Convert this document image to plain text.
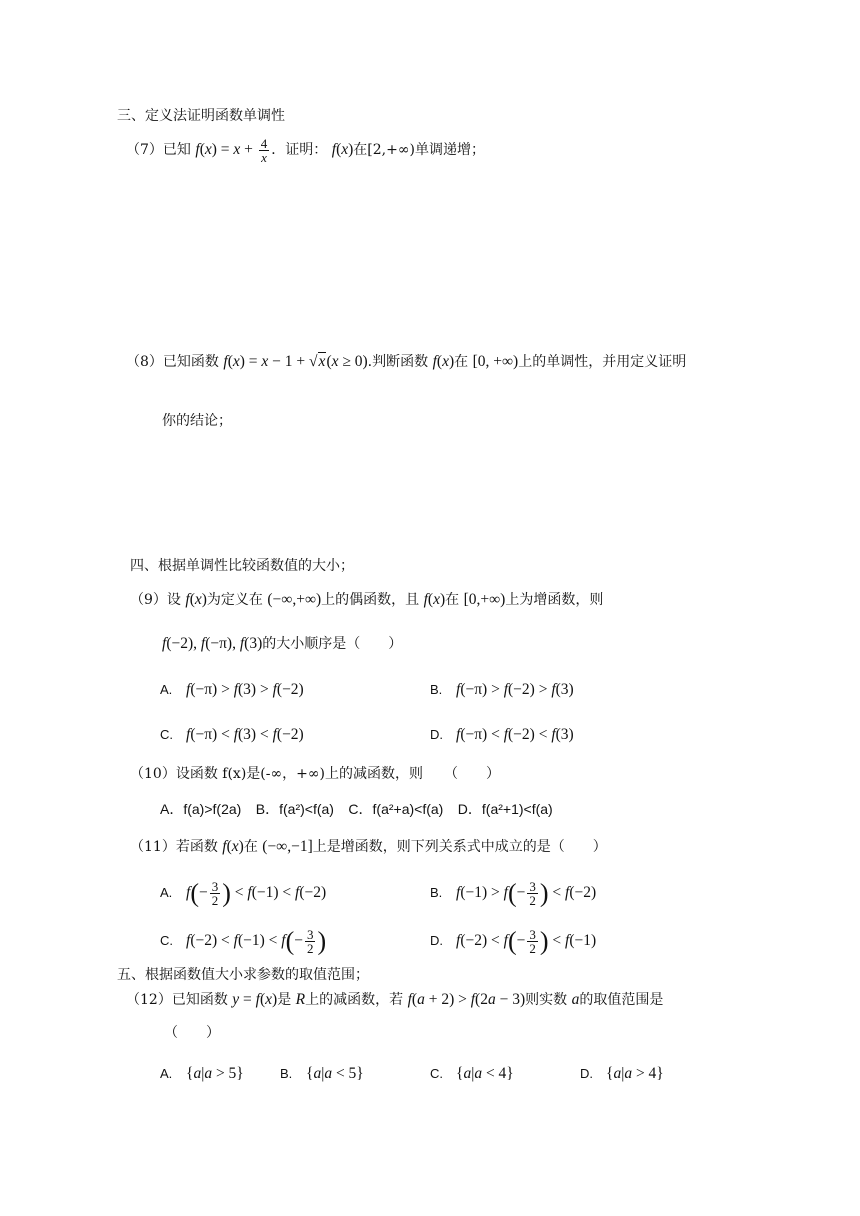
三、定义法证明函数单调性
（7）已知 $f(x) = x + \frac{4}{x}$ ．证明： f(x)在[2,+∞)单调递增；
（8）已知函数 f(x) = x − 1 + √x(x ≥ 0).判断函数 f(x)在 [0, +∞)上的单调性，并用定义证明
你的结论；
四、根据单调性比较函数值的大小；
（9）设 f(x)为定义在 (−∞,+∞)上的偶函数，且 f(x)在 [0,+∞)上为增函数，则
f(−2), f(−π), f(3)的大小顺序是（　　）
A. f(−π) > f(3) > f(−2)	B. f(−π) > f(−2) > f(3)
C. f(−π) < f(3) < f(−2)	D. f(−π) < f(−2) < f(3)
（10）设函数 f(x)是(-∞，+∞)上的减函数，则　　（　　）
A．f(a)>f(2a) B．f(a²)<f(a) C．f(a²+a)<f(a) D．f(a²+1)<f(a)
（11）若函数 f(x)在 (−∞,−1]上是增函数，则下列关系式中成立的是（　　）
A. $f(- \frac{3}{2}$ ) < f(−1) < f(−2)	B. $f(-1) > f(- \frac{3}{2}$ ) < f(−2)
C. $f(-2) < f(-1) < f(- \frac{3}{2}$ )	D. $f(-2) < f(- \frac{3}{2}$ ) < f(−1)
五、根据函数值大小求参数的取值范围；
（12）已知函数 y = f(x)是 R上的减函数，若 f(a + 2) > f(2a − 3)则实数 a的取值范围是
（　　）
A. {a|a > 5}	B. {a|a < 5}	C. {a|a < 4}	D. {a|a > 4}
